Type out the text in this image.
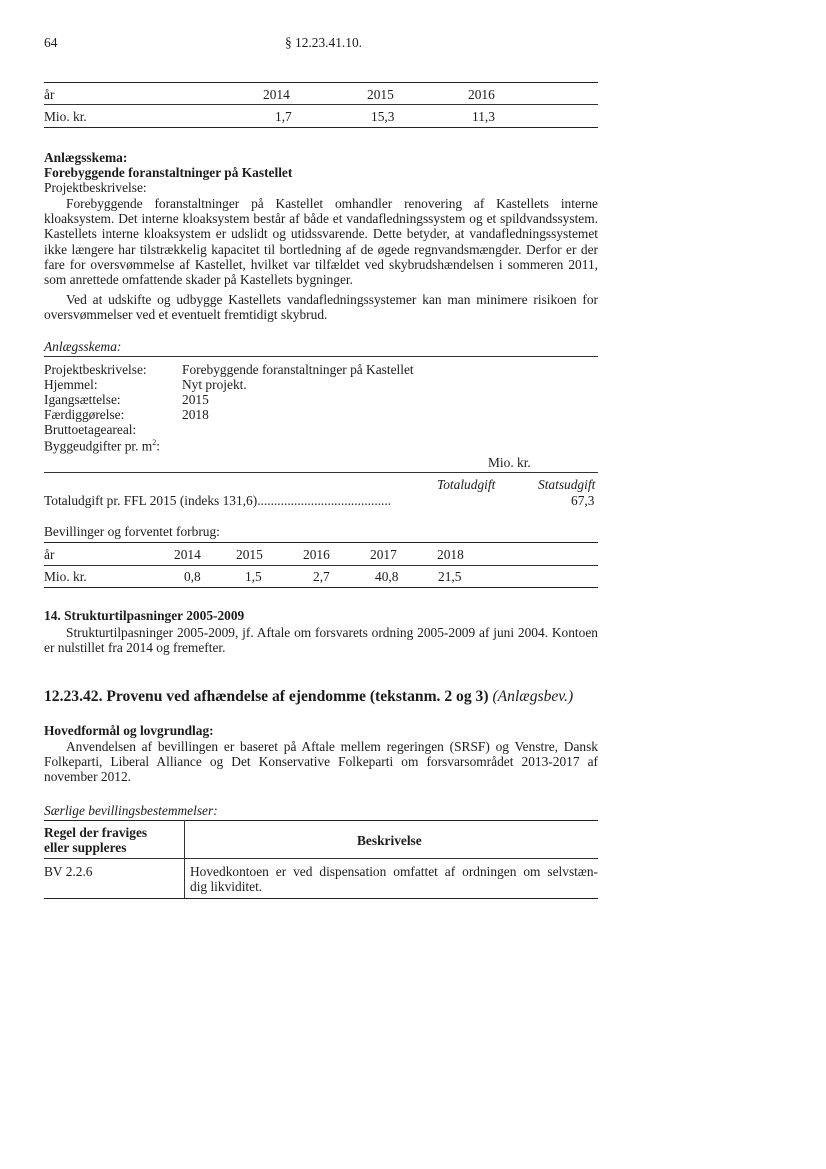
64	§ 12.23.41.10.
år	2014	2015	2016
Mio. kr.	1,7	15,3	11,3
Anlægsskema:
Forebyggende foranstaltninger på Kastellet
Projektbeskrivelse:
Forebyggende foranstaltninger på Kastellet omhandler renovering af Kastellets interne kloaksystem. Det interne kloaksystem består af både et vandafledningssystem og et spildvandssystem. Kastellets interne kloaksystem er udslidt og utidssvarende. Dette betyder, at vandafledningssystemet ikke længere har tilstrækkelig kapacitet til bortledning af de øgede regnvandsmængder. Derfor er der fare for oversvømmelse af Kastellet, hvilket var tilfældet ved skybrudshændelsen i sommeren 2011, som anrettede omfattende skader på Kastellets bygninger.
Ved at udskifte og udbygge Kastellets vandafledningssystemer kan man minimere risikoen for oversvømmelser ved et eventuelt fremtidigt skybrud.
Anlægsskema:
Projektbeskrivelse:	Forebyggende foranstaltninger på Kastellet
Hjemmel:	Nyt projekt.
Igangsættelse:	2015
Færdiggørelse:	2018
Bruttoetageareal:
Byggeudgifter pr. $m^2$:
Mio. kr.
Totaludgift	Statsudgift
Totaludgift pr. FFL 2015 (indeks 131,6)........................................	67,3
Bevillinger og forventet forbrug:
år	2014	2015	2016	2017	2018
Mio. kr.	0,8	1,5	2,7	40,8	21,5
14. Strukturtilpasninger 2005-2009
Strukturtilpasninger 2005-2009, jf. Aftale om forsvarets ordning 2005-2009 af juni 2004. Kontoen er nulstillet fra 2014 og fremefter.
12.23.42. Provenu ved afhændelse af ejendomme (tekstanm. 2 og 3) (Anlægsbev.)
Hovedformål og lovgrundlag:
Anvendelsen af bevillingen er baseret på Aftale mellem regeringen (SRSF) og Venstre, Dansk Folkeparti, Liberal Alliance og Det Konservative Folkeparti om forsvarsområdet 2013-2017 af november 2012.
Særlige bevillingsbestemmelser:
Regel der fraviges
eller suppleres	Beskrivelse
BV 2.2.6	Hovedkontoen er ved dispensation omfattet af ordningen om selvstæn-
dig likviditet.
